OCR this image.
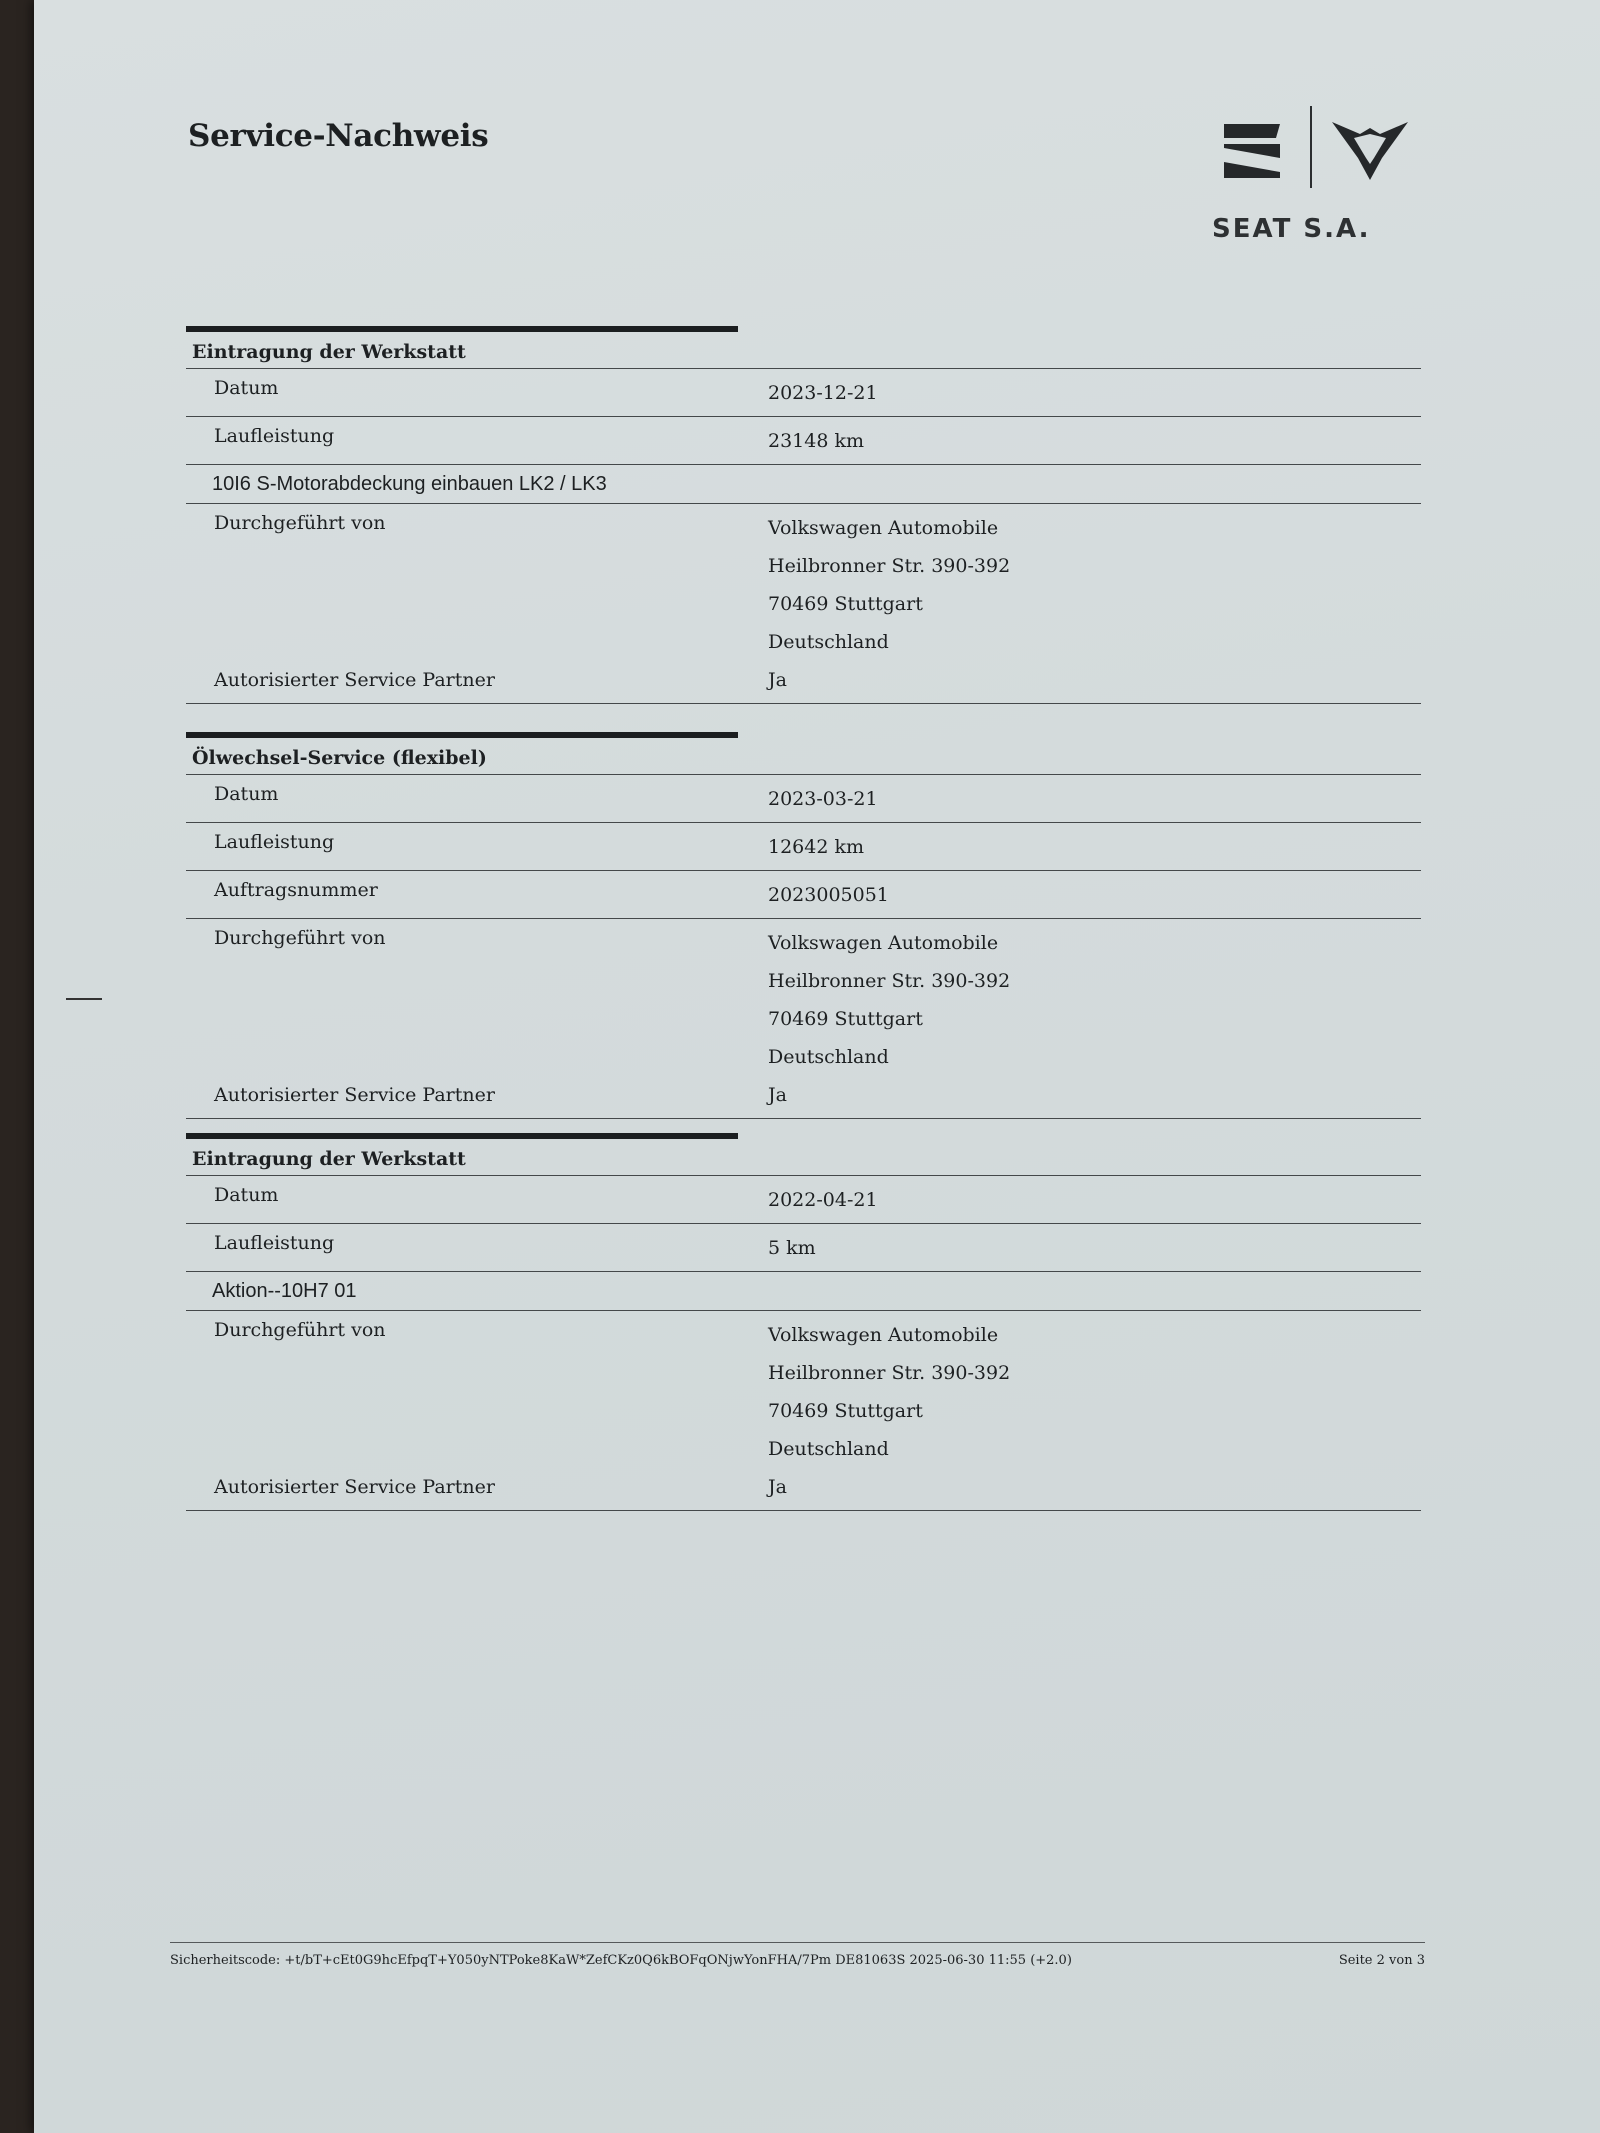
Service-Nachweis
SEAT S.A.
Eintragung der Werkstatt
Datum	2023-12-21
Laufleistung	23148 km
10I6 S-Motorabdeckung einbauen LK2 / LK3
Durchgeführt von	Volkswagen Automobile
Heilbronner Str. 390-392
70469 Stuttgart
Deutschland
Autorisierter Service Partner	Ja
Ölwechsel-Service (flexibel)
Datum	2023-03-21
Laufleistung	12642 km
Auftragsnummer	2023005051
Durchgeführt von	Volkswagen Automobile
Heilbronner Str. 390-392
70469 Stuttgart
Deutschland
Autorisierter Service Partner	Ja
Eintragung der Werkstatt
Datum	2022-04-21
Laufleistung	5 km
Aktion--10H7 01
Durchgeführt von	Volkswagen Automobile
Heilbronner Str. 390-392
70469 Stuttgart
Deutschland
Autorisierter Service Partner	Ja
Sicherheitscode: +t/bT+cEt0G9hcEfpqT+Y050yNTPoke8KaW*ZefCKz0Q6kBOFqONjwYonFHA/7Pm DE81063S 2025-06-30 11:55 (+2.0)	Seite 2 von 3
